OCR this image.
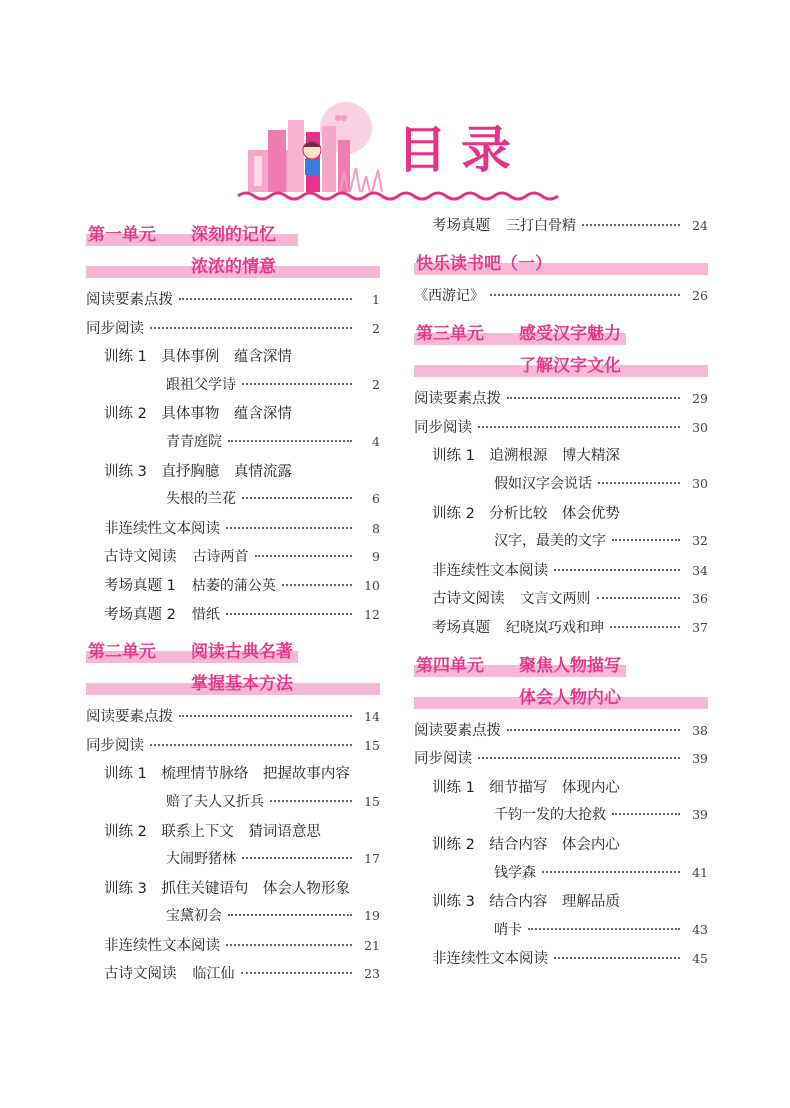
目录
第一单元 深刻的记忆
浓浓的情意
阅读要素点拨	1
同步阅读	2
训练 1　具体事例　蕴含深情
跟祖父学诗	2
训练 2　具体事物　蕴含深情
青青庭院	4
训练 3　直抒胸臆　真情流露
失根的兰花	6
非连续性文本阅读	8
古诗文阅读 古诗两首	9
考场真题 1 枯萎的蒲公英	10
考场真题 2 惜纸	12
第二单元 阅读古典名著
掌握基本方法
阅读要素点拨	14
同步阅读	15
训练 1　梳理情节脉络　把握故事内容
赔了夫人又折兵	15
训练 2　联系上下文　猜词语意思
大闹野猪林	17
训练 3　抓住关键语句　体会人物形象
宝黛初会	19
非连续性文本阅读	21
古诗文阅读 临江仙	23
考场真题 三打白骨精	24
快乐读书吧（一）
《西游记》	26
第三单元 感受汉字魅力
了解汉字文化
阅读要素点拨	29
同步阅读	30
训练 1　追溯根源　博大精深
假如汉字会说话	30
训练 2　分析比较　体会优势
汉字，最美的文字	32
非连续性文本阅读	34
古诗文阅读 文言文两则	36
考场真题 纪晓岚巧戏和珅	37
第四单元 聚焦人物描写
体会人物内心
阅读要素点拨	38
同步阅读	39
训练 1　细节描写　体现内心
千钧一发的大抢救	39
训练 2　结合内容　体会内心
钱学森	41
训练 3　结合内容　理解品质
哨卡	43
非连续性文本阅读	45
